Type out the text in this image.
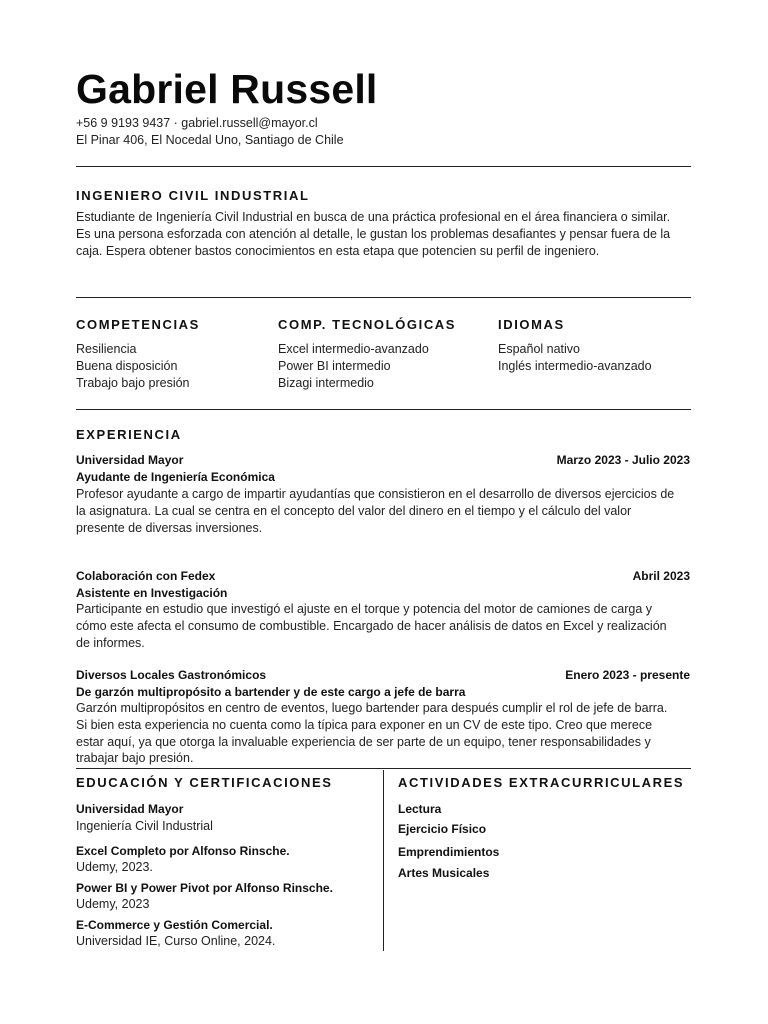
Gabriel Russell
+56 9 9193 9437 · gabriel.russell@mayor.cl
El Pinar 406, El Nocedal Uno, Santiago de Chile
INGENIERO CIVIL INDUSTRIAL
Estudiante de Ingeniería Civil Industrial en busca de una práctica profesional en el área financiera o similar.
Es una persona esforzada con atención al detalle, le gustan los problemas desafiantes y pensar fuera de la
caja. Espera obtener bastos conocimientos en esta etapa que potencien su perfil de ingeniero.
COMPETENCIAS
Resiliencia
Buena disposición
Trabajo bajo presión
COMP. TECNOLÓGICAS
Excel intermedio-avanzado
Power BI intermedio
Bizagi intermedio
IDIOMAS
Español nativo
Inglés intermedio-avanzado
EXPERIENCIA
Universidad Mayor	Marzo 2023 - Julio 2023
Ayudante de Ingeniería Económica
Profesor ayudante a cargo de impartir ayudantías que consistieron en el desarrollo de diversos ejercicios de
la asignatura. La cual se centra en el concepto del valor del dinero en el tiempo y el cálculo del valor
presente de diversas inversiones.
Colaboración con Fedex	Abril 2023
Asistente en Investigación
Participante en estudio que investigó el ajuste en el torque y potencia del motor de camiones de carga y
cómo este afecta el consumo de combustible. Encargado de hacer análisis de datos en Excel y realización
de informes.
Diversos Locales Gastronómicos	Enero 2023 - presente
De garzón multipropósito a bartender y de este cargo a jefe de barra
Garzón multipropósitos en centro de eventos, luego bartender para después cumplir el rol de jefe de barra.
Si bien esta experiencia no cuenta como la típica para exponer en un CV de este tipo. Creo que merece
estar aquí, ya que otorga la invaluable experiencia de ser parte de un equipo, tener responsabilidades y
trabajar bajo presión.
EDUCACIÓN Y CERTIFICACIONES
Universidad Mayor
Ingeniería Civil Industrial
Excel Completo por Alfonso Rinsche.
Udemy, 2023.
Power BI y Power Pivot por Alfonso Rinsche.
Udemy, 2023
E-Commerce y Gestión Comercial.
Universidad IE, Curso Online, 2024.
ACTIVIDADES EXTRACURRICULARES
Lectura
Ejercicio Físico
Emprendimientos
Artes Musicales
